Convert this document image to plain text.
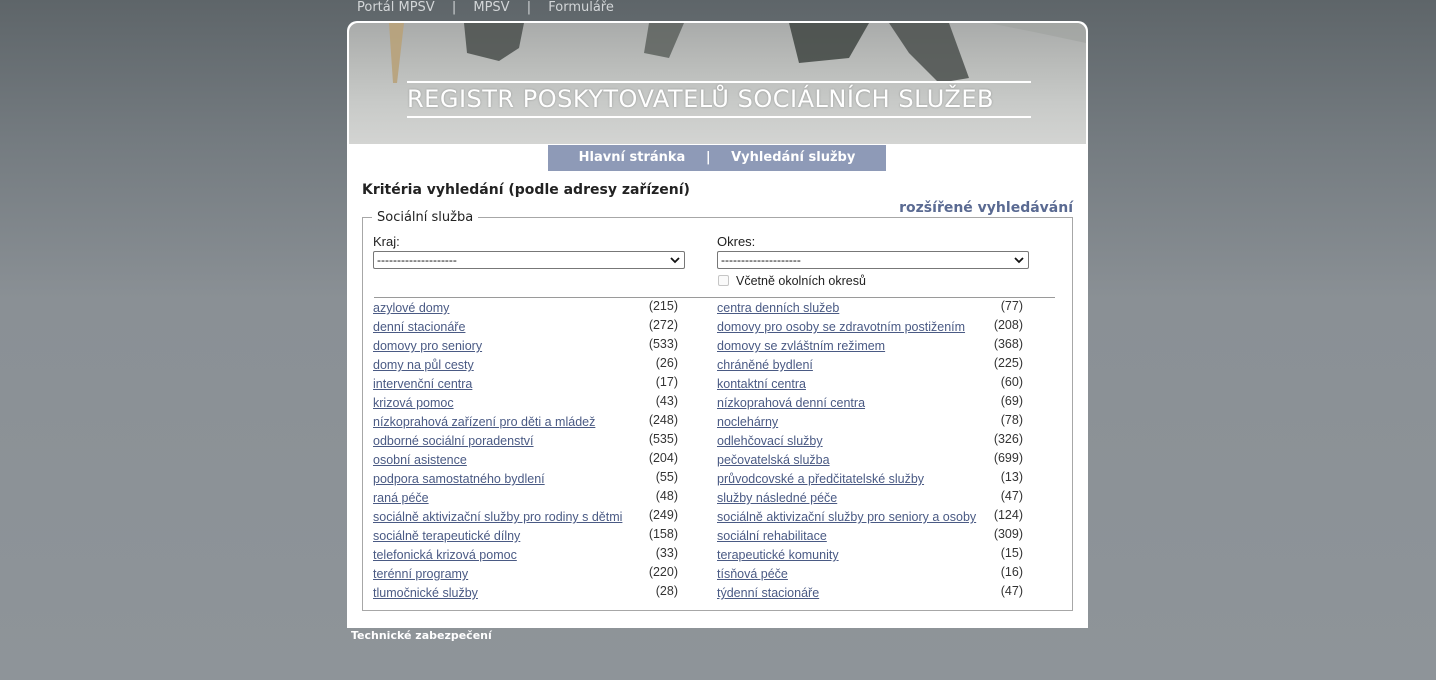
Portál MPSV | MPSV | Formuláře
REGISTR POSKYTOVATELŮ SOCIÁLNÍCH SLUŽEB
Hlavní stránka | Vyhledání služby
Kritéria vyhledání (podle adresy zařízení)
rozšířené vyhledávání
Sociální služba
Kraj:
--------------------
Okres:
--------------------
Včetně okolních okresů
azylové domy	(215)
denní stacionáře	(272)
domovy pro seniory	(533)
domy na půl cesty	(26)
intervenční centra	(17)
krizová pomoc	(43)
nízkoprahová zařízení pro děti a mládež	(248)
odborné sociální poradenství	(535)
osobní asistence	(204)
podpora samostatného bydlení	(55)
raná péče	(48)
sociálně aktivizační služby pro rodiny s dětmi (249)
sociálně terapeutické dílny	(158)
telefonická krizová pomoc	(33)
terénní programy	(220)
tlumočnické služby	(28)
centra denních služeb	(77)
domovy pro osoby se zdravotním postižením (208)
domovy se zvláštním režimem	(368)
chráněné bydlení	(225)
kontaktní centra	(60)
nízkoprahová denní centra	(69)
noclehárny	(78)
odlehčovací služby	(326)
pečovatelská služba	(699)
průvodcovské a předčitatelské služby	(13)
služby následné péče	(47)
sociálně aktivizační služby pro seniory a osoby (124)
sociální rehabilitace	(309)
terapeutické komunity	(15)
tísňová péče	(16)
týdenní stacionáře	(47)
Technické zabezpečení
